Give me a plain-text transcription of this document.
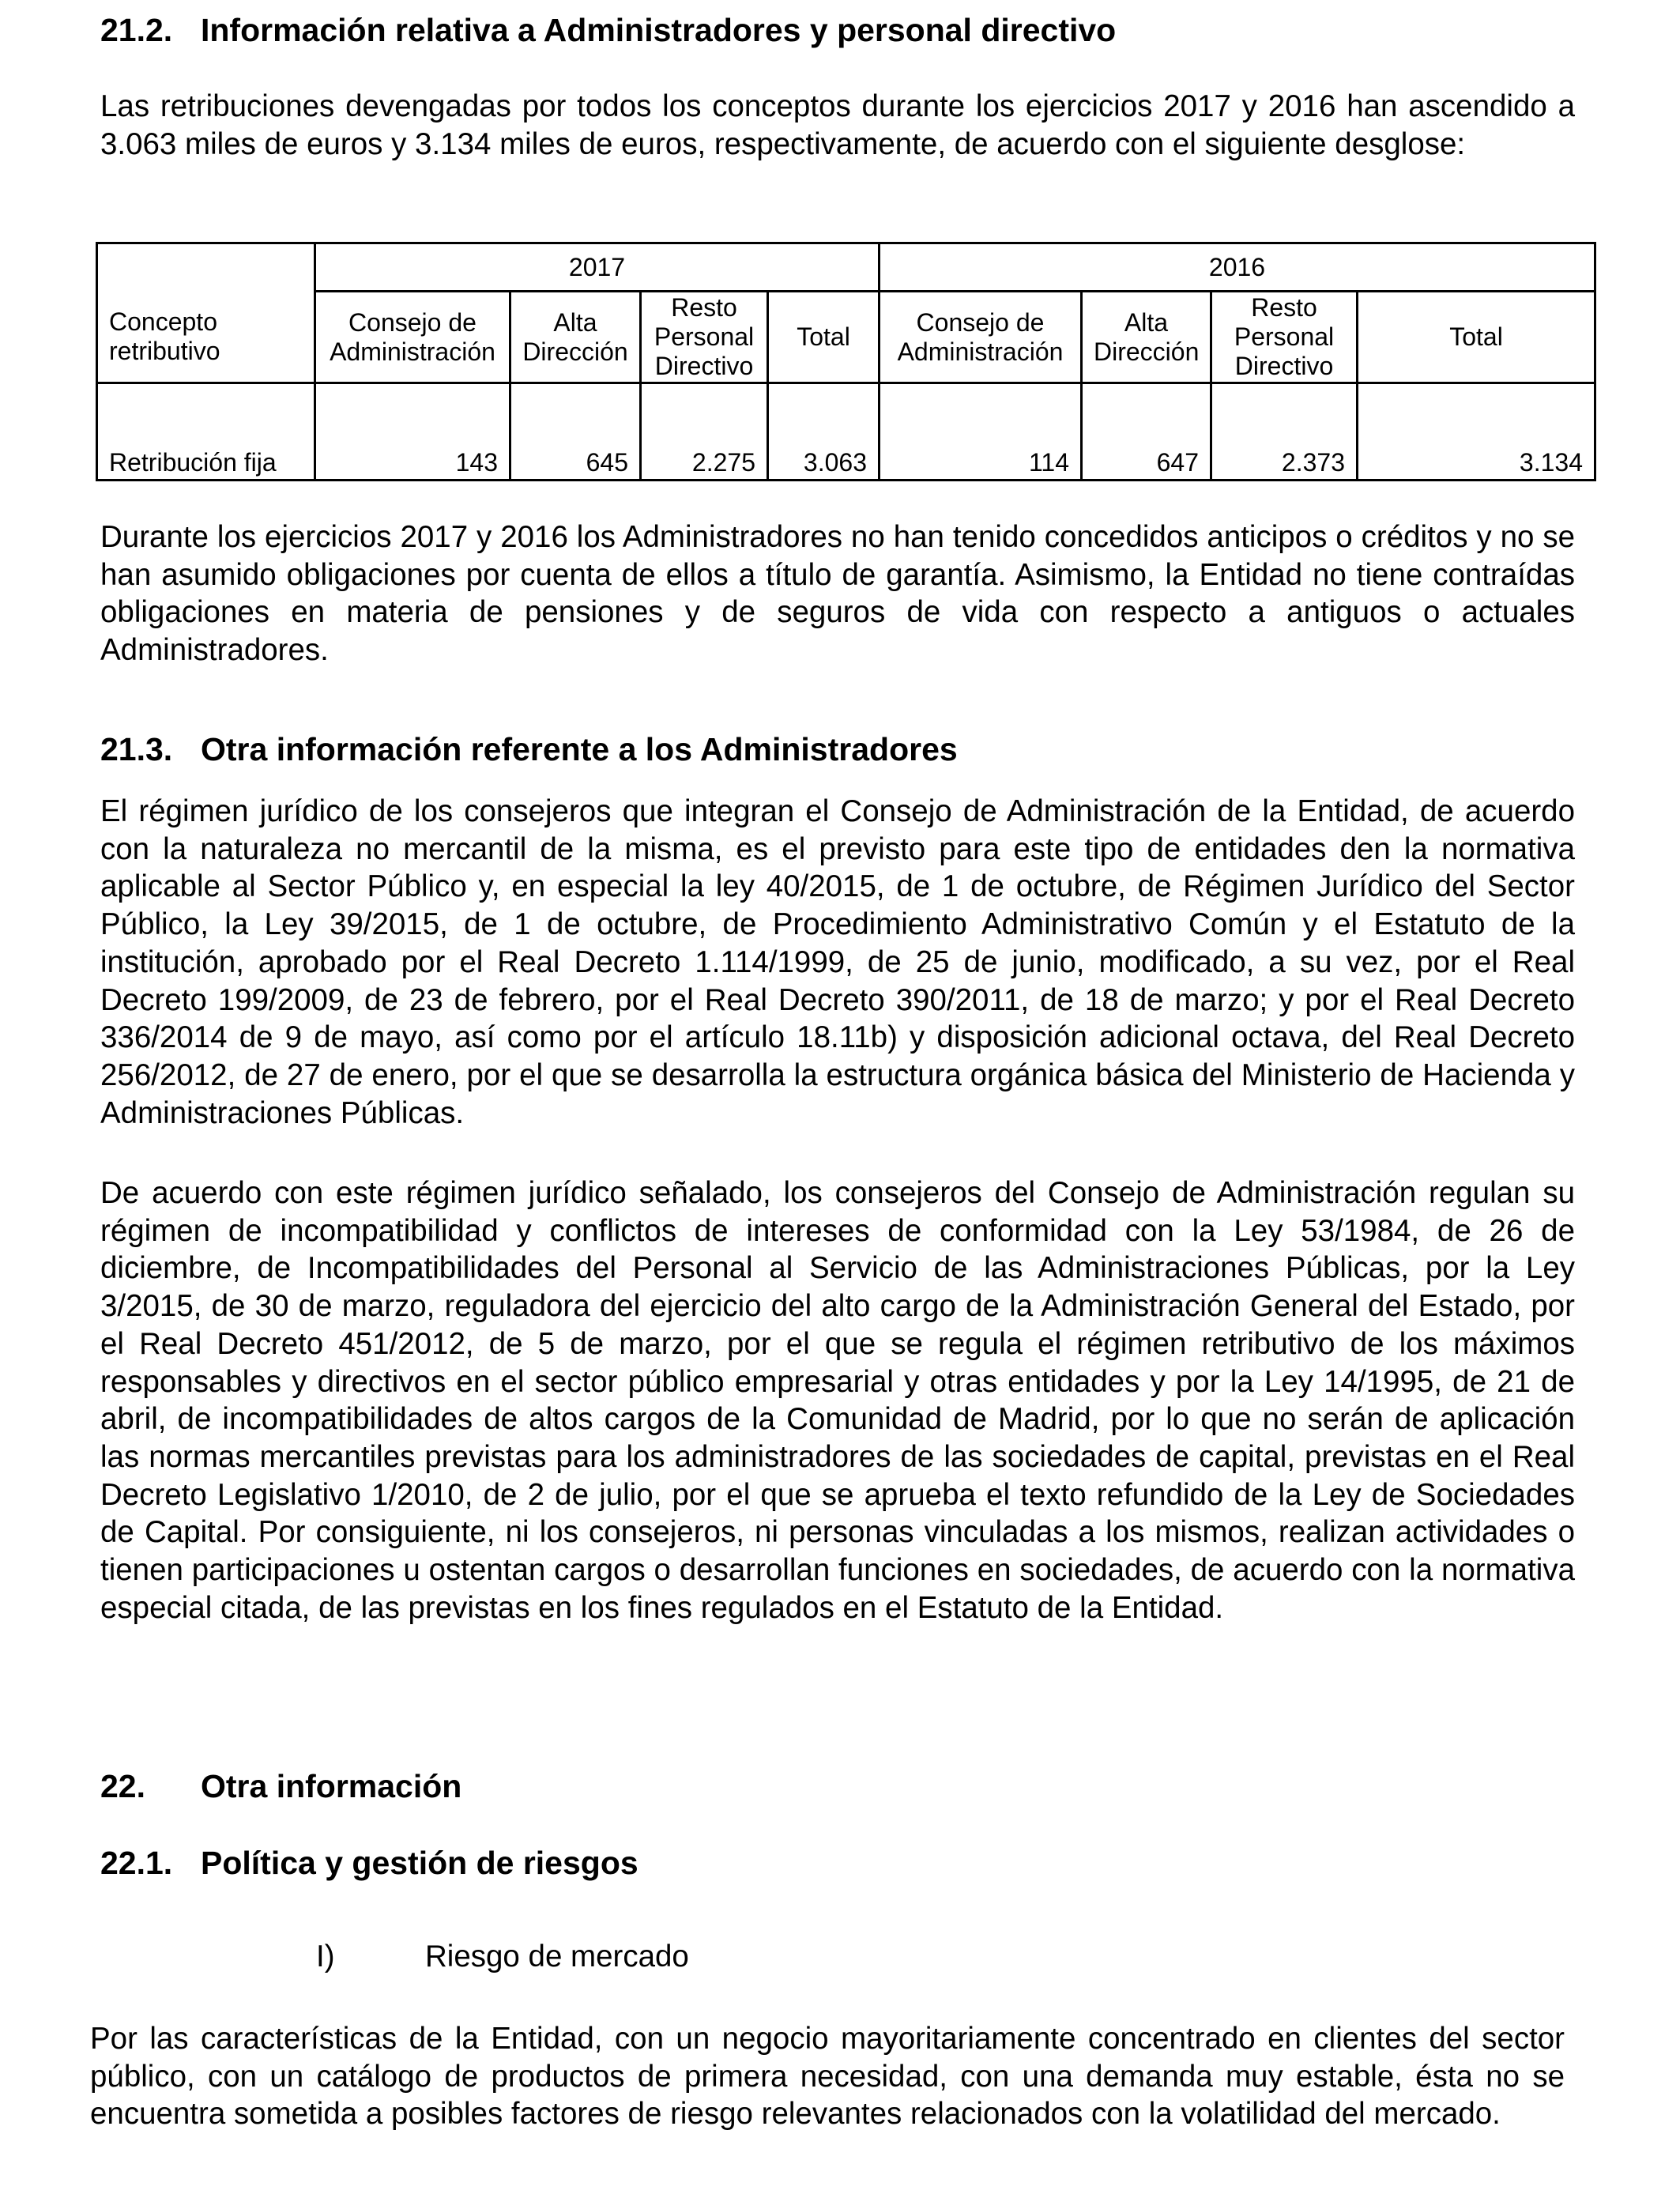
21.2. Información relativa a Administradores y personal directivo

Las retribuciones devengadas por todos los conceptos durante los ejercicios 2017 y 2016 han ascendido a 3.063 miles de euros y 3.134 miles de euros, respectivamente, de acuerdo con el siguiente desglose:

	2017				2016			
Concepto retributivo	Consejo de Administración	Alta Dirección	Resto Personal Directivo	Total	Consejo de Administración	Alta Dirección	Resto Personal Directivo	Total

Retribución fija	143	645	2.275	3.063	114	647	2.373	3.134

Durante los ejercicios 2017 y 2016 los Administradores no han tenido concedidos anticipos o créditos y no se han asumido obligaciones por cuenta de ellos a título de garantía. Asimismo, la Entidad no tiene contraídas obligaciones en materia de pensiones y de seguros de vida con respecto a antiguos o actuales Administradores.

21.3. Otra información referente a los Administradores

El régimen jurídico de los consejeros que integran el Consejo de Administración de la Entidad, de acuerdo con la naturaleza no mercantil de la misma, es el previsto para este tipo de entidades den la normativa aplicable al Sector Público y, en especial la ley 40/2015, de 1 de octubre, de Régimen Jurídico del Sector Público, la Ley 39/2015, de 1 de octubre, de Procedimiento Administrativo Común y el Estatuto de la institución, aprobado por el Real Decreto 1.114/1999, de 25 de junio, modificado, a su vez, por el Real Decreto 199/2009, de 23 de febrero, por el Real Decreto 390/2011, de 18 de marzo; y por el Real Decreto 336/2014 de 9 de mayo, así como por el artículo 18.11b) y disposición adicional octava, del Real Decreto 256/2012, de 27 de enero, por el que se desarrolla la estructura orgánica básica del Ministerio de Hacienda y Administraciones Públicas.

De acuerdo con este régimen jurídico señalado, los consejeros del Consejo de Administración regulan su régimen de incompatibilidad y conflictos de intereses de conformidad con la Ley 53/1984, de 26 de diciembre, de Incompatibilidades del Personal al Servicio de las Administraciones Públicas, por la Ley 3/2015, de 30 de marzo, reguladora del ejercicio del alto cargo de la Administración General del Estado, por el Real Decreto 451/2012, de 5 de marzo, por el que se regula el régimen retributivo de los máximos responsables y directivos en el sector público empresarial y otras entidades y por la Ley 14/1995, de 21 de abril, de incompatibilidades de altos cargos de la Comunidad de Madrid, por lo que no serán de aplicación las normas mercantiles previstas para los administradores de las sociedades de capital, previstas en el Real Decreto Legislativo 1/2010, de 2 de julio, por el que se aprueba el texto refundido de la Ley de Sociedades de Capital. Por consiguiente, ni los consejeros, ni personas vinculadas a los mismos, realizan actividades o tienen participaciones u ostentan cargos o desarrollan funciones en sociedades, de acuerdo con la normativa especial citada, de las previstas en los fines regulados en el Estatuto de la Entidad.

22. Otra información
22.1. Política y gestión de riesgos
I)	Riesgo de mercado

Por las características de la Entidad, con un negocio mayoritariamente concentrado en clientes del sector público, con un catálogo de productos de primera necesidad, con una demanda muy estable, ésta no se encuentra sometida a posibles factores de riesgo relevantes relacionados con la volatilidad del mercado.
